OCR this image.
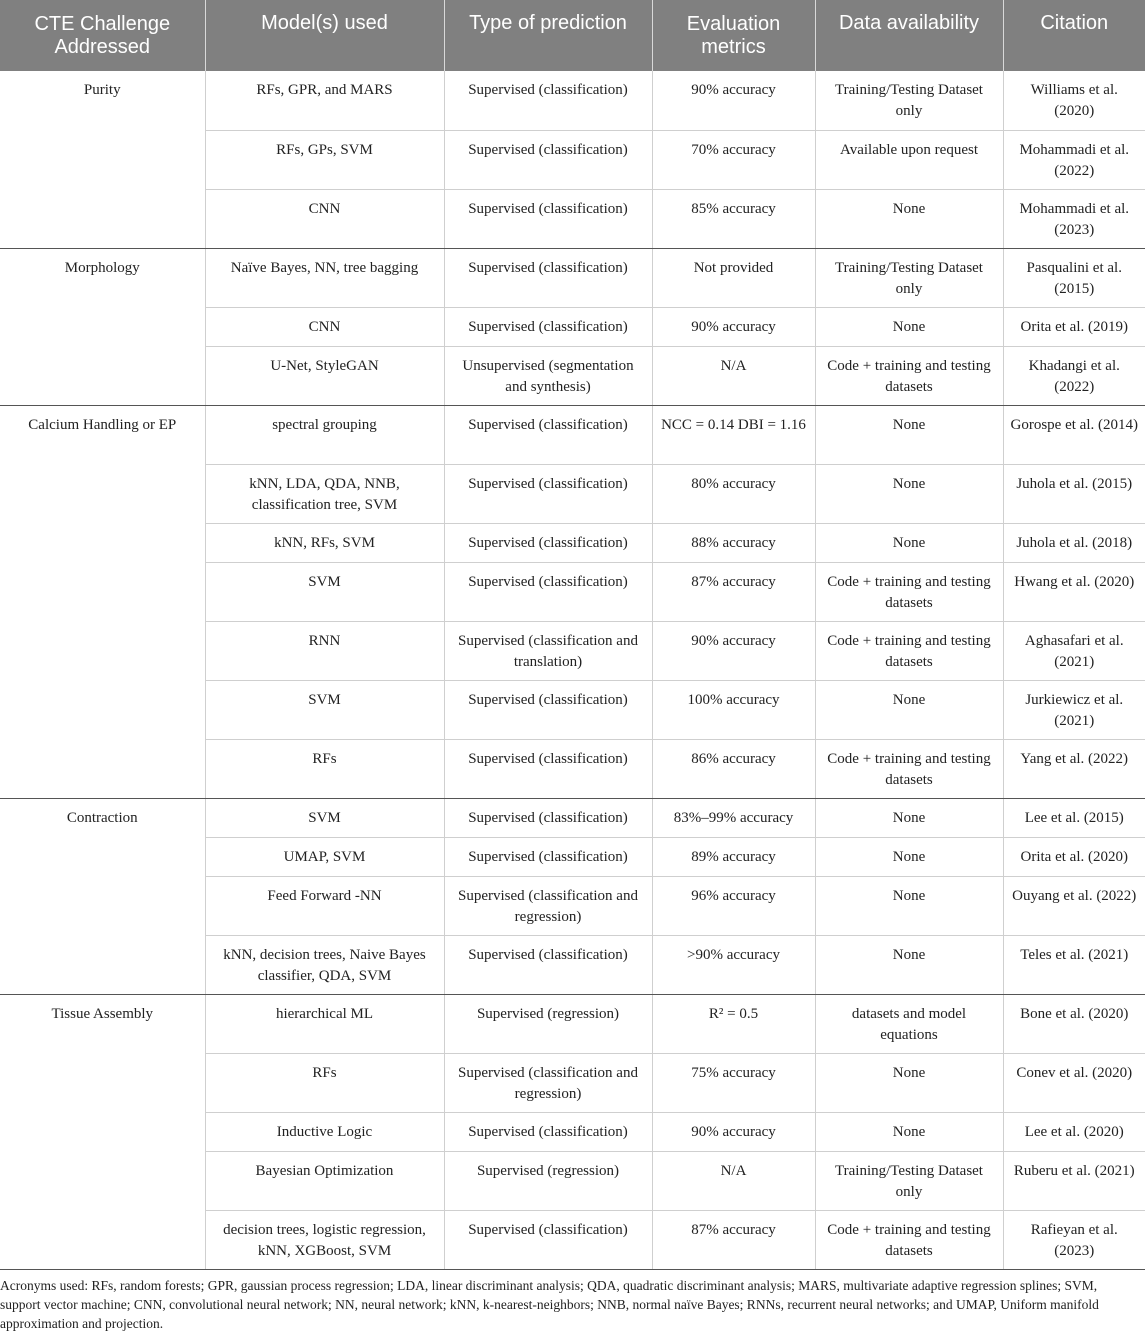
CTE Challenge Addressed	Model(s) used	Type of prediction	Evaluation metrics	Data availability	Citation

Purity	RFs, GPR, and MARS	Supervised (classification)	90% accuracy	Training/Testing Dataset only	Williams et al. (2020)
	RFs, GPs, SVM	Supervised (classification)	70% accuracy	Available upon request	Mohammadi et al. (2022)
	CNN	Supervised (classification)	85% accuracy	None	Mohammadi et al. (2023)
Morphology	Naïve Bayes, NN, tree bagging	Supervised (classification)	Not provided	Training/Testing Dataset only	Pasqualini et al. (2015)
	CNN	Supervised (classification)	90% accuracy	None	Orita et al. (2019)
	U-Net, StyleGAN	Unsupervised (segmentation and synthesis)	N/A	Code + training and testing datasets	Khadangi et al. (2022)
Calcium Handling or EP	spectral grouping	Supervised (classification)	NCC = 0.14 DBI = 1.16	None	Gorospe et al. (2014)
	kNN, LDA, QDA, NNB, classification tree, SVM	Supervised (classification)	80% accuracy	None	Juhola et al. (2015)
	kNN, RFs, SVM	Supervised (classification)	88% accuracy	None	Juhola et al. (2018)
	SVM	Supervised (classification)	87% accuracy	Code + training and testing datasets	Hwang et al. (2020)
	RNN	Supervised (classification and translation)	90% accuracy	Code + training and testing datasets	Aghasafari et al. (2021)
	SVM	Supervised (classification)	100% accuracy	None	Jurkiewicz et al. (2021)
	RFs	Supervised (classification)	86% accuracy	Code + training and testing datasets	Yang et al. (2022)
Contraction	SVM	Supervised (classification)	83%–99% accuracy	None	Lee et al. (2015)
	UMAP, SVM	Supervised (classification)	89% accuracy	None	Orita et al. (2020)
	Feed Forward -NN	Supervised (classification and regression)	96% accuracy	None	Ouyang et al. (2022)
	kNN, decision trees, Naive Bayes classifier, QDA, SVM	Supervised (classification)	>90% accuracy	None	Teles et al. (2021)
Tissue Assembly	hierarchical ML	Supervised (regression)	R² = 0.5	datasets and model equations	Bone et al. (2020)
	RFs	Supervised (classification and regression)	75% accuracy	None	Conev et al. (2020)
	Inductive Logic	Supervised (classification)	90% accuracy	None	Lee et al. (2020)
	Bayesian Optimization	Supervised (regression)	N/A	Training/Testing Dataset only	Ruberu et al. (2021)
	decision trees, logistic regression, kNN, XGBoost, SVM	Supervised (classification)	87% accuracy	Code + training and testing datasets	Rafieyan et al. (2023)
Acronyms used: RFs, random forests; GPR, gaussian process regression; LDA, linear discriminant analysis; QDA, quadratic discriminant analysis; MARS, multivariate adaptive regression splines; SVM, support vector machine; CNN, convolutional neural network; NN, neural network; kNN, k-nearest-neighbors; NNB, normal naïve Bayes; RNNs, recurrent neural networks; and UMAP, Uniform manifold approximation and projection.
